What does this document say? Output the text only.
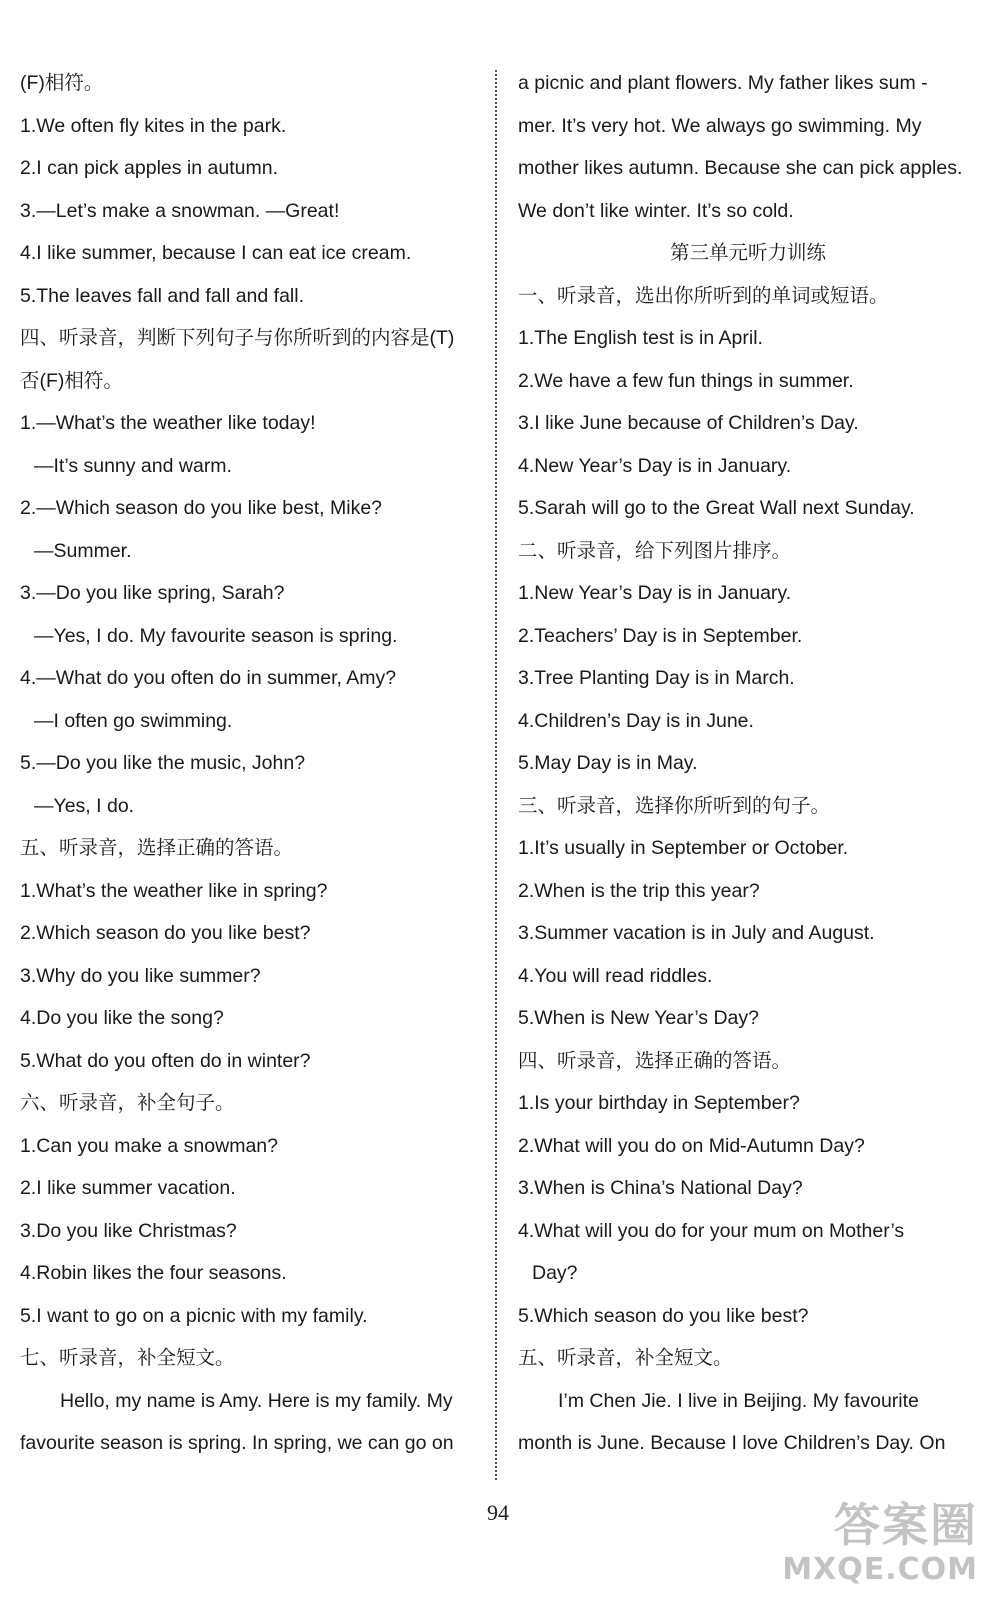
(F)相符。
1.We often fly kites in the park.
2.I can pick apples in autumn.
3.—Let’s make a snowman. —Great!
4.I like summer, because I can eat ice cream.
5.The leaves fall and fall and fall.
四、听录音，判断下列句子与你所听到的内容是(T)
否(F)相符。
1.—What’s the weather like today!
—It’s sunny and warm.
2.—Which season do you like best, Mike?
—Summer.
3.—Do you like spring, Sarah?
—Yes, I do. My favourite season is spring.
4.—What do you often do in summer, Amy?
—I often go swimming.
5.—Do you like the music, John?
—Yes, I do.
五、听录音，选择正确的答语。
1.What’s the weather like in spring?
2.Which season do you like best?
3.Why do you like summer?
4.Do you like the song?
5.What do you often do in winter?
六、听录音，补全句子。
1.Can you make a snowman?
2.I like summer vacation.
3.Do you like Christmas?
4.Robin likes the four seasons.
5.I want to go on a picnic with my family.
七、听录音，补全短文。
Hello, my name is Amy. Here is my family. My
favourite season is spring. In spring, we can go on
a picnic and plant flowers. My father likes sum -
mer. It’s very hot. We always go swimming. My
mother likes autumn. Because she can pick apples.
We don’t like winter. It’s so cold.
第三单元听力训练
一、听录音，选出你所听到的单词或短语。
1.The English test is in April.
2.We have a few fun things in summer.
3.I like June because of Children’s Day.
4.New Year’s Day is in January.
5.Sarah will go to the Great Wall next Sunday.
二、听录音，给下列图片排序。
1.New Year’s Day is in January.
2.Teachers’ Day is in September.
3.Tree Planting Day is in March.
4.Children’s Day is in June.
5.May Day is in May.
三、听录音，选择你所听到的句子。
1.It’s usually in September or October.
2.When is the trip this year?
3.Summer vacation is in July and August.
4.You will read riddles.
5.When is New Year’s Day?
四、听录音，选择正确的答语。
1.Is your birthday in September?
2.What will you do on Mid-Autumn Day?
3.When is China’s National Day?
4.What will you do for your mum on Mother’s
Day?
5.Which season do you like best?
五、听录音，补全短文。
I’m Chen Jie. I live in Beijing. My favourite
month is June. Because I love Children’s Day. On
94	答案圈
MXQE.COM
